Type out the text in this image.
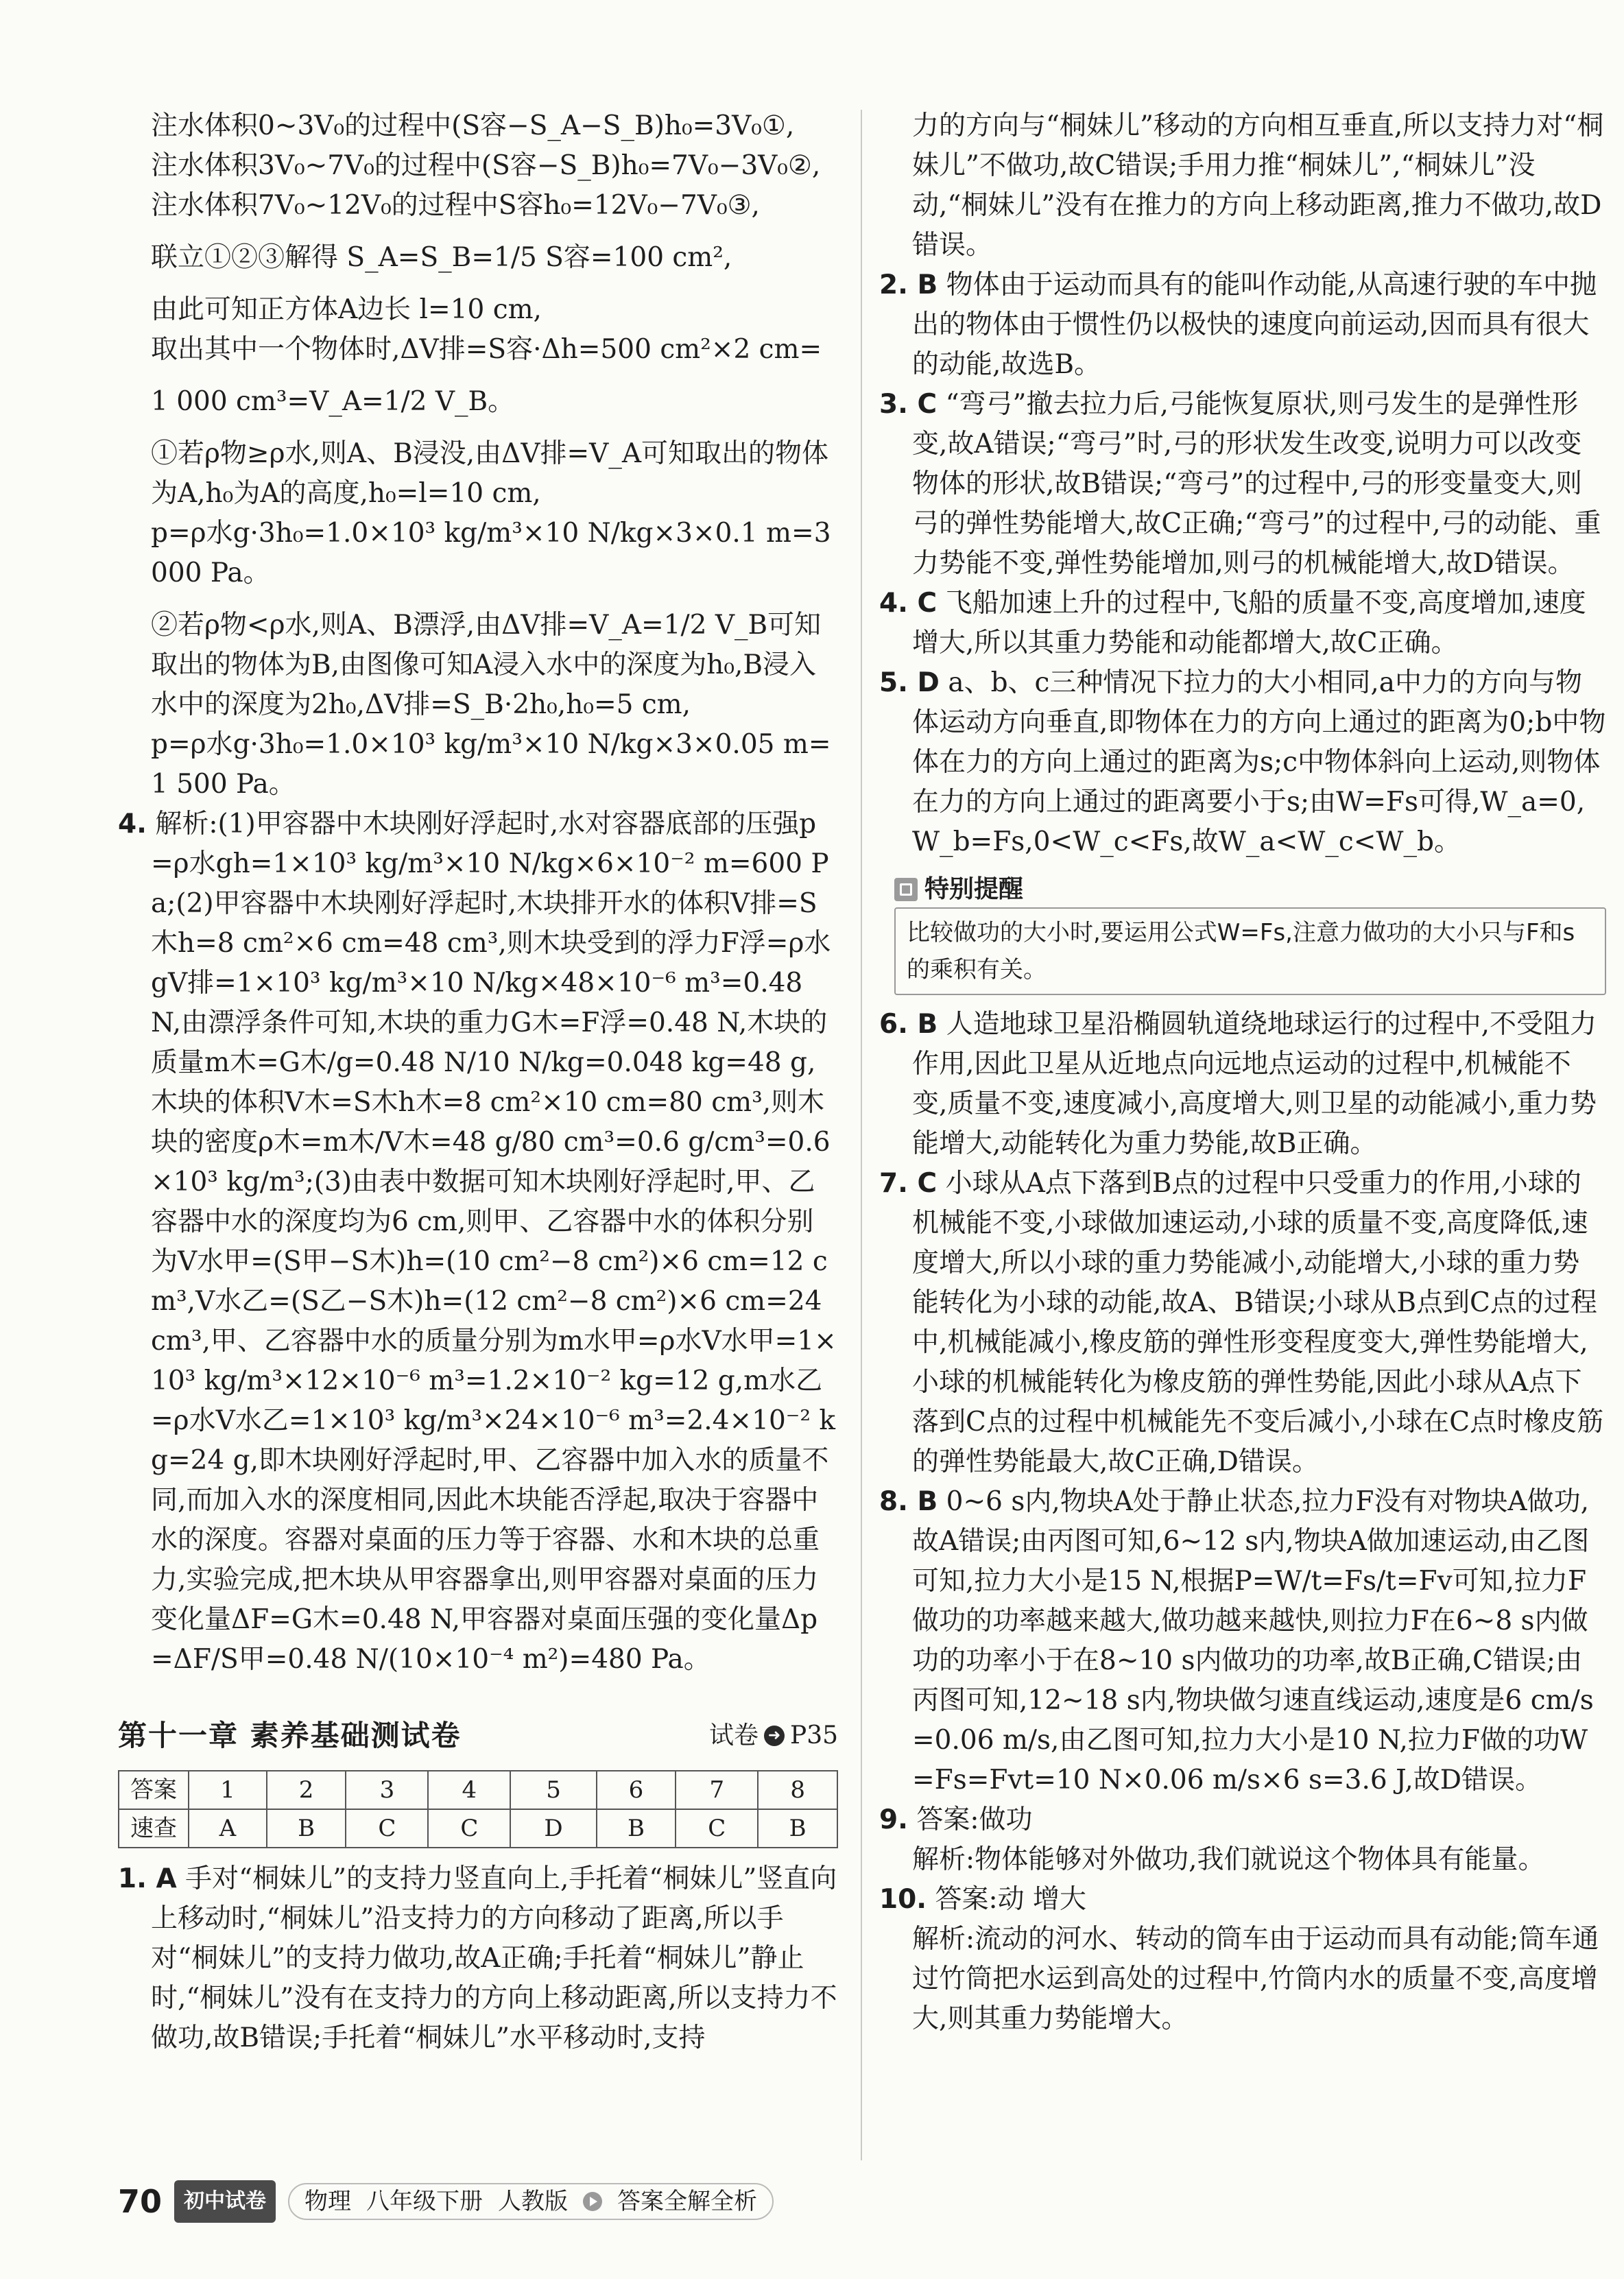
注水体积0~3V₀的过程中(S容−S_A−S_B)h₀=3V₀①,

注水体积3V₀~7V₀的过程中(S容−S_B)h₀=7V₀−3V₀②,

注水体积7V₀~12V₀的过程中S容h₀=12V₀−7V₀③,

联立①②③解得 S_A=S_B=1/5 S容=100 cm²,

由此可知正方体A边长 l=10 cm,

取出其中一个物体时,ΔV排=S容·Δh=500 cm²×2 cm=

1 000 cm³=V_A=1/2 V_B。

①若ρ物≥ρ水,则A、B浸没,由ΔV排=V_A可知取出的物体为A,h₀为A的高度,h₀=l=10 cm,

p=ρ水g·3h₀=1.0×10³ kg/m³×10 N/kg×3×0.1 m=3 000 Pa。

②若ρ物<ρ水,则A、B漂浮,由ΔV排=V_A=1/2 V_B可知取出的物体为B,由图像可知A浸入水中的深度为h₀,B浸入水中的深度为2h₀,ΔV排=S_B·2h₀,h₀=5 cm,

p=ρ水g·3h₀=1.0×10³ kg/m³×10 N/kg×3×0.05 m=1 500 Pa。

4. 解析:(1)甲容器中木块刚好浮起时,水对容器底部的压强p=ρ水gh=1×10³ kg/m³×10 N/kg×6×10⁻² m=600 Pa;(2)甲容器中木块刚好浮起时,木块排开水的体积V排=S木h=8 cm²×6 cm=48 cm³,则木块受到的浮力F浮=ρ水gV排=1×10³ kg/m³×10 N/kg×48×10⁻⁶ m³=0.48 N,由漂浮条件可知,木块的重力G木=F浮=0.48 N,木块的质量m木=G木/g=0.48 N/10 N/kg=0.048 kg=48 g,木块的体积V木=S木h木=8 cm²×10 cm=80 cm³,则木块的密度ρ木=m木/V木=48 g/80 cm³=0.6 g/cm³=0.6×10³ kg/m³;(3)由表中数据可知木块刚好浮起时,甲、乙容器中水的深度均为6 cm,则甲、乙容器中水的体积分别为V水甲=(S甲−S木)h=(10 cm²−8 cm²)×6 cm=12 cm³,V水乙=(S乙−S木)h=(12 cm²−8 cm²)×6 cm=24 cm³,甲、乙容器中水的质量分别为m水甲=ρ水V水甲=1×10³ kg/m³×12×10⁻⁶ m³=1.2×10⁻² kg=12 g,m水乙=ρ水V水乙=1×10³ kg/m³×24×10⁻⁶ m³=2.4×10⁻² kg=24 g,即木块刚好浮起时,甲、乙容器中加入水的质量不同,而加入水的深度相同,因此木块能否浮起,取决于容器中水的深度。容器对桌面的压力等于容器、水和木块的总重力,实验完成,把木块从甲容器拿出,则甲容器对桌面的压力变化量ΔF=G木=0.48 N,甲容器对桌面压强的变化量Δp=ΔF/S甲=0.48 N/(10×10⁻⁴ m²)=480 Pa。

第十一章 素养基础测试卷	试卷 ➜ P35
答案	1	2	3	4	5	6	7	8
速查	A	B	C	C	D	B	C	B

1. A 手对“桐妹儿”的支持力竖直向上,手托着“桐妹儿”竖直向上移动时,“桐妹儿”沿支持力的方向移动了距离,所以手对“桐妹儿”的支持力做功,故A正确;手托着“桐妹儿”静止时,“桐妹儿”没有在支持力的方向上移动距离,所以支持力不做功,故B错误;手托着“桐妹儿”水平移动时,支持

力的方向与“桐妹儿”移动的方向相互垂直,所以支持力对“桐妹儿”不做功,故C错误;手用力推“桐妹儿”,“桐妹儿”没动,“桐妹儿”没有在推力的方向上移动距离,推力不做功,故D错误。

2. B 物体由于运动而具有的能叫作动能,从高速行驶的车中抛出的物体由于惯性仍以极快的速度向前运动,因而具有很大的动能,故选B。

3. C “弯弓”撤去拉力后,弓能恢复原状,则弓发生的是弹性形变,故A错误;“弯弓”时,弓的形状发生改变,说明力可以改变物体的形状,故B错误;“弯弓”的过程中,弓的形变量变大,则弓的弹性势能增大,故C正确;“弯弓”的过程中,弓的动能、重力势能不变,弹性势能增加,则弓的机械能增大,故D错误。

4. C 飞船加速上升的过程中,飞船的质量不变,高度增加,速度增大,所以其重力势能和动能都增大,故C正确。

5. D a、b、c三种情况下拉力的大小相同,a中力的方向与物体运动方向垂直,即物体在力的方向上通过的距离为0;b中物体在力的方向上通过的距离为s;c中物体斜向上运动,则物体在力的方向上通过的距离要小于s;由W=Fs可得,W_a=0,W_b=Fs,0<W_c<Fs,故W_a<W_c<W_b。

特别提醒
比较做功的大小时,要运用公式W=Fs,注意力做功的大小只与F和s的乘积有关。

6. B 人造地球卫星沿椭圆轨道绕地球运行的过程中,不受阻力作用,因此卫星从近地点向远地点运动的过程中,机械能不变,质量不变,速度减小,高度增大,则卫星的动能减小,重力势能增大,动能转化为重力势能,故B正确。

7. C 小球从A点下落到B点的过程中只受重力的作用,小球的机械能不变,小球做加速运动,小球的质量不变,高度降低,速度增大,所以小球的重力势能减小,动能增大,小球的重力势能转化为小球的动能,故A、B错误;小球从B点到C点的过程中,机械能减小,橡皮筋的弹性形变程度变大,弹性势能增大,小球的机械能转化为橡皮筋的弹性势能,因此小球从A点下落到C点的过程中机械能先不变后减小,小球在C点时橡皮筋的弹性势能最大,故C正确,D错误。

8. B 0~6 s内,物块A处于静止状态,拉力F没有对物块A做功,故A错误;由丙图可知,6~12 s内,物块A做加速运动,由乙图可知,拉力大小是15 N,根据P=W/t=Fs/t=Fv可知,拉力F做功的功率越来越大,做功越来越快,则拉力F在6~8 s内做功的功率小于在8~10 s内做功的功率,故B正确,C错误;由丙图可知,12~18 s内,物块做匀速直线运动,速度是6 cm/s=0.06 m/s,由乙图可知,拉力大小是10 N,拉力F做的功W=Fs=Fvt=10 N×0.06 m/s×6 s=3.6 J,故D错误。

9. 答案:做功

解析:物体能够对外做功,我们就说这个物体具有能量。

10. 答案:动 增大

解析:流动的河水、转动的筒车由于运动而具有动能;筒车通过竹筒把水运到高处的过程中,竹筒内水的质量不变,高度增大,则其重力势能增大。

70	初中试卷	物理 八年级下册 人教版 答案全解全析
